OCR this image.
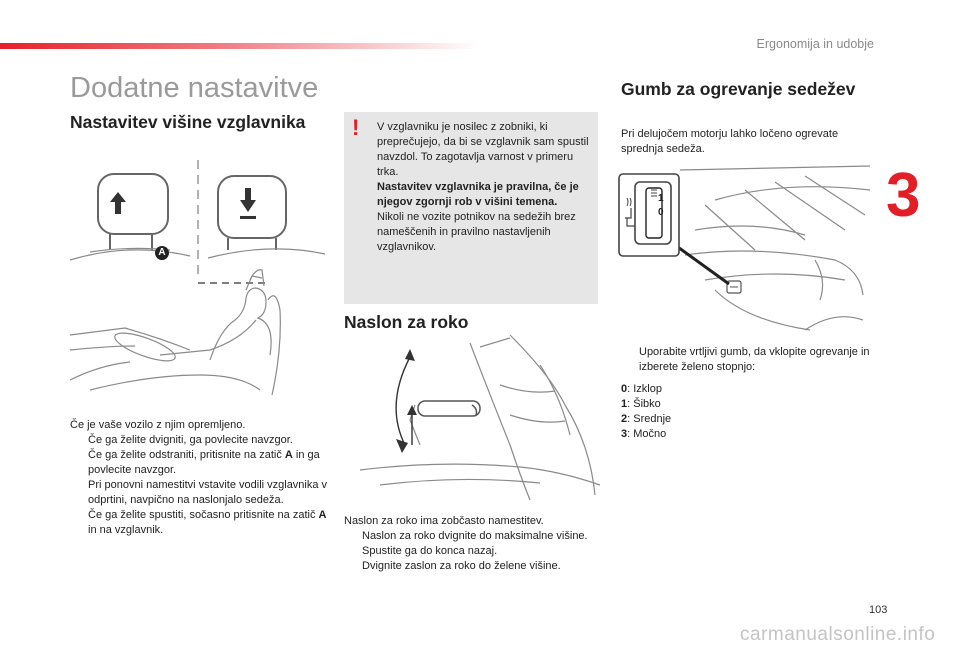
Ergonomija in udobje
3
Dodatne nastavitve
Nastavitev višine vzglavnika
A

Če je vaše vozilo z njim opremljeno.

Če ga želite dvigniti, ga povlecite navzgor.
Če ga želite odstraniti, pritisnite na zatič A in ga povlecite navzgor.
Pri ponovni namestitvi vstavite vodili vzglavnika v odprtini, navpično na naslonjalo sedeža.
Če ga želite spustiti, sočasno pritisnite na zatič A in na vzglavnik.
! V vzglavniku je nosilec z zobniki, ki preprečujejo, da bi se vzglavnik sam spustil navzdol. To zagotavlja varnost v primeru trka.

Nastavitev vzglavnika je pravilna, če je njegov zgornji rob v višini temena.

Nikoli ne vozite potnikov na sedežih brez nameščenih in pravilno nastavljenih vzglavnikov.

Naslon za roko

Naslon za roko ima zobčasto namestitev.

Naslon za roko dvignite do maksimalne višine.
Spustite ga do konca nazaj.
Dvignite zaslon za roko do želene višine.
Gumb za ogrevanje sedežev
Pri delujočem motorju lahko ločeno ogrevate sprednja sedeža.
1
0
Uporabite vrtljivi gumb, da vklopite ogrevanje in izberete želeno stopnjo:
0: Izklop
1: Šibko
2: Srednje
3: Močno
103
carmanualsonline.info
